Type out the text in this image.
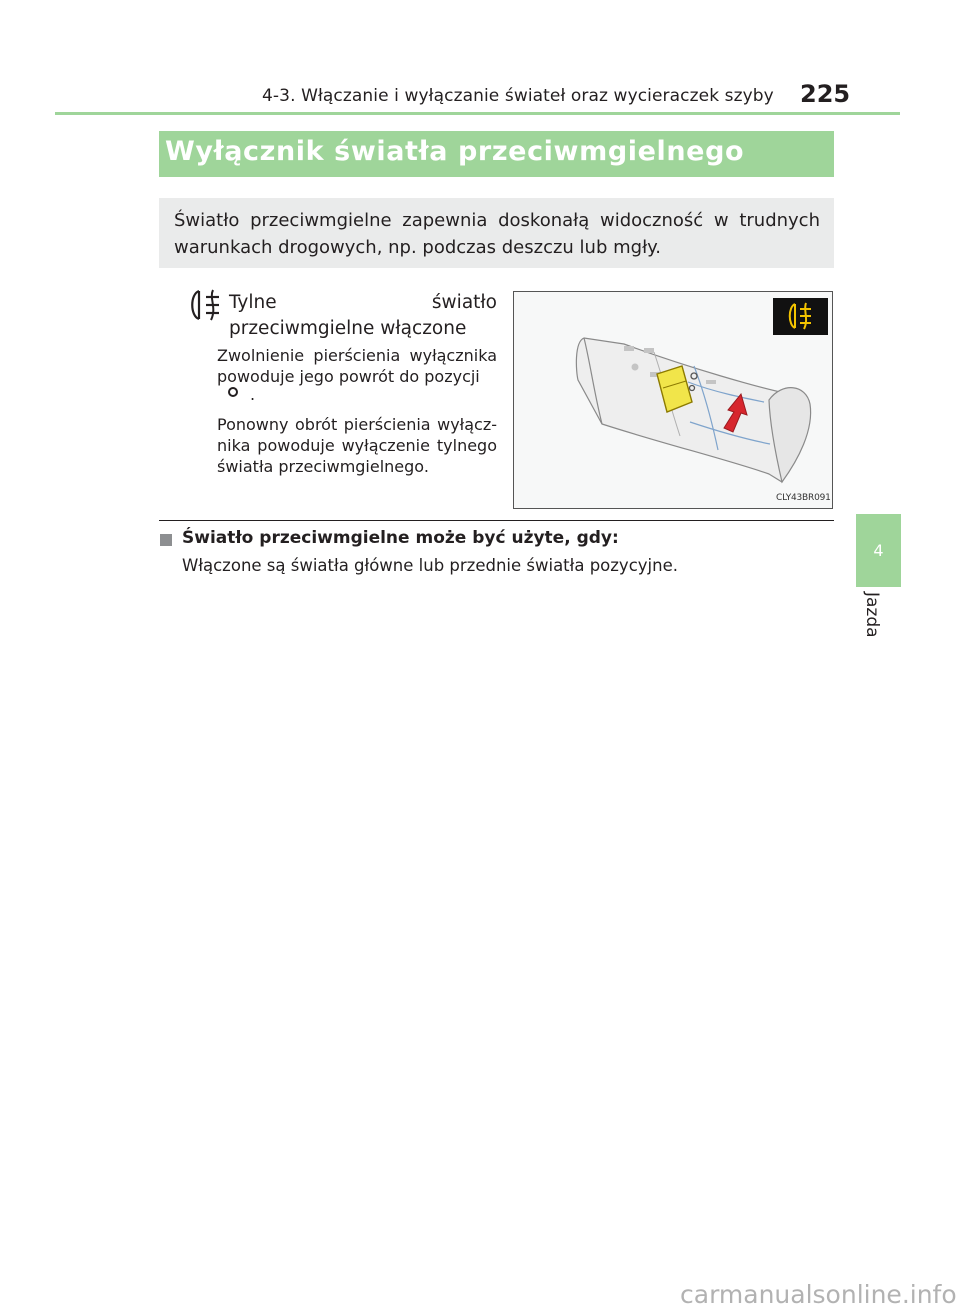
4-3. Włączanie i wyłączanie świateł oraz wycieraczek szyby 225
4
Jazda
Wyłącznik światła przeciwmgielnego
Światło przeciwmgielne zapewnia doskonałą widoczność w trudnych warunkach drogowych, np. podczas deszczu lub mgły.
Tylne światło przeciwmgielne włączone
Zwolnienie pierścienia wyłącznika powoduje jego powrót do pozycji
.
Ponowny obrót pierścienia wyłącz-nika powoduje wyłączenie tylnego światła przeciwmgielnego.
CLY43BR091
Światło przeciwmgielne może być użyte, gdy:
Włączone są światła główne lub przednie światła pozycyjne.
carmanualsonline.info
